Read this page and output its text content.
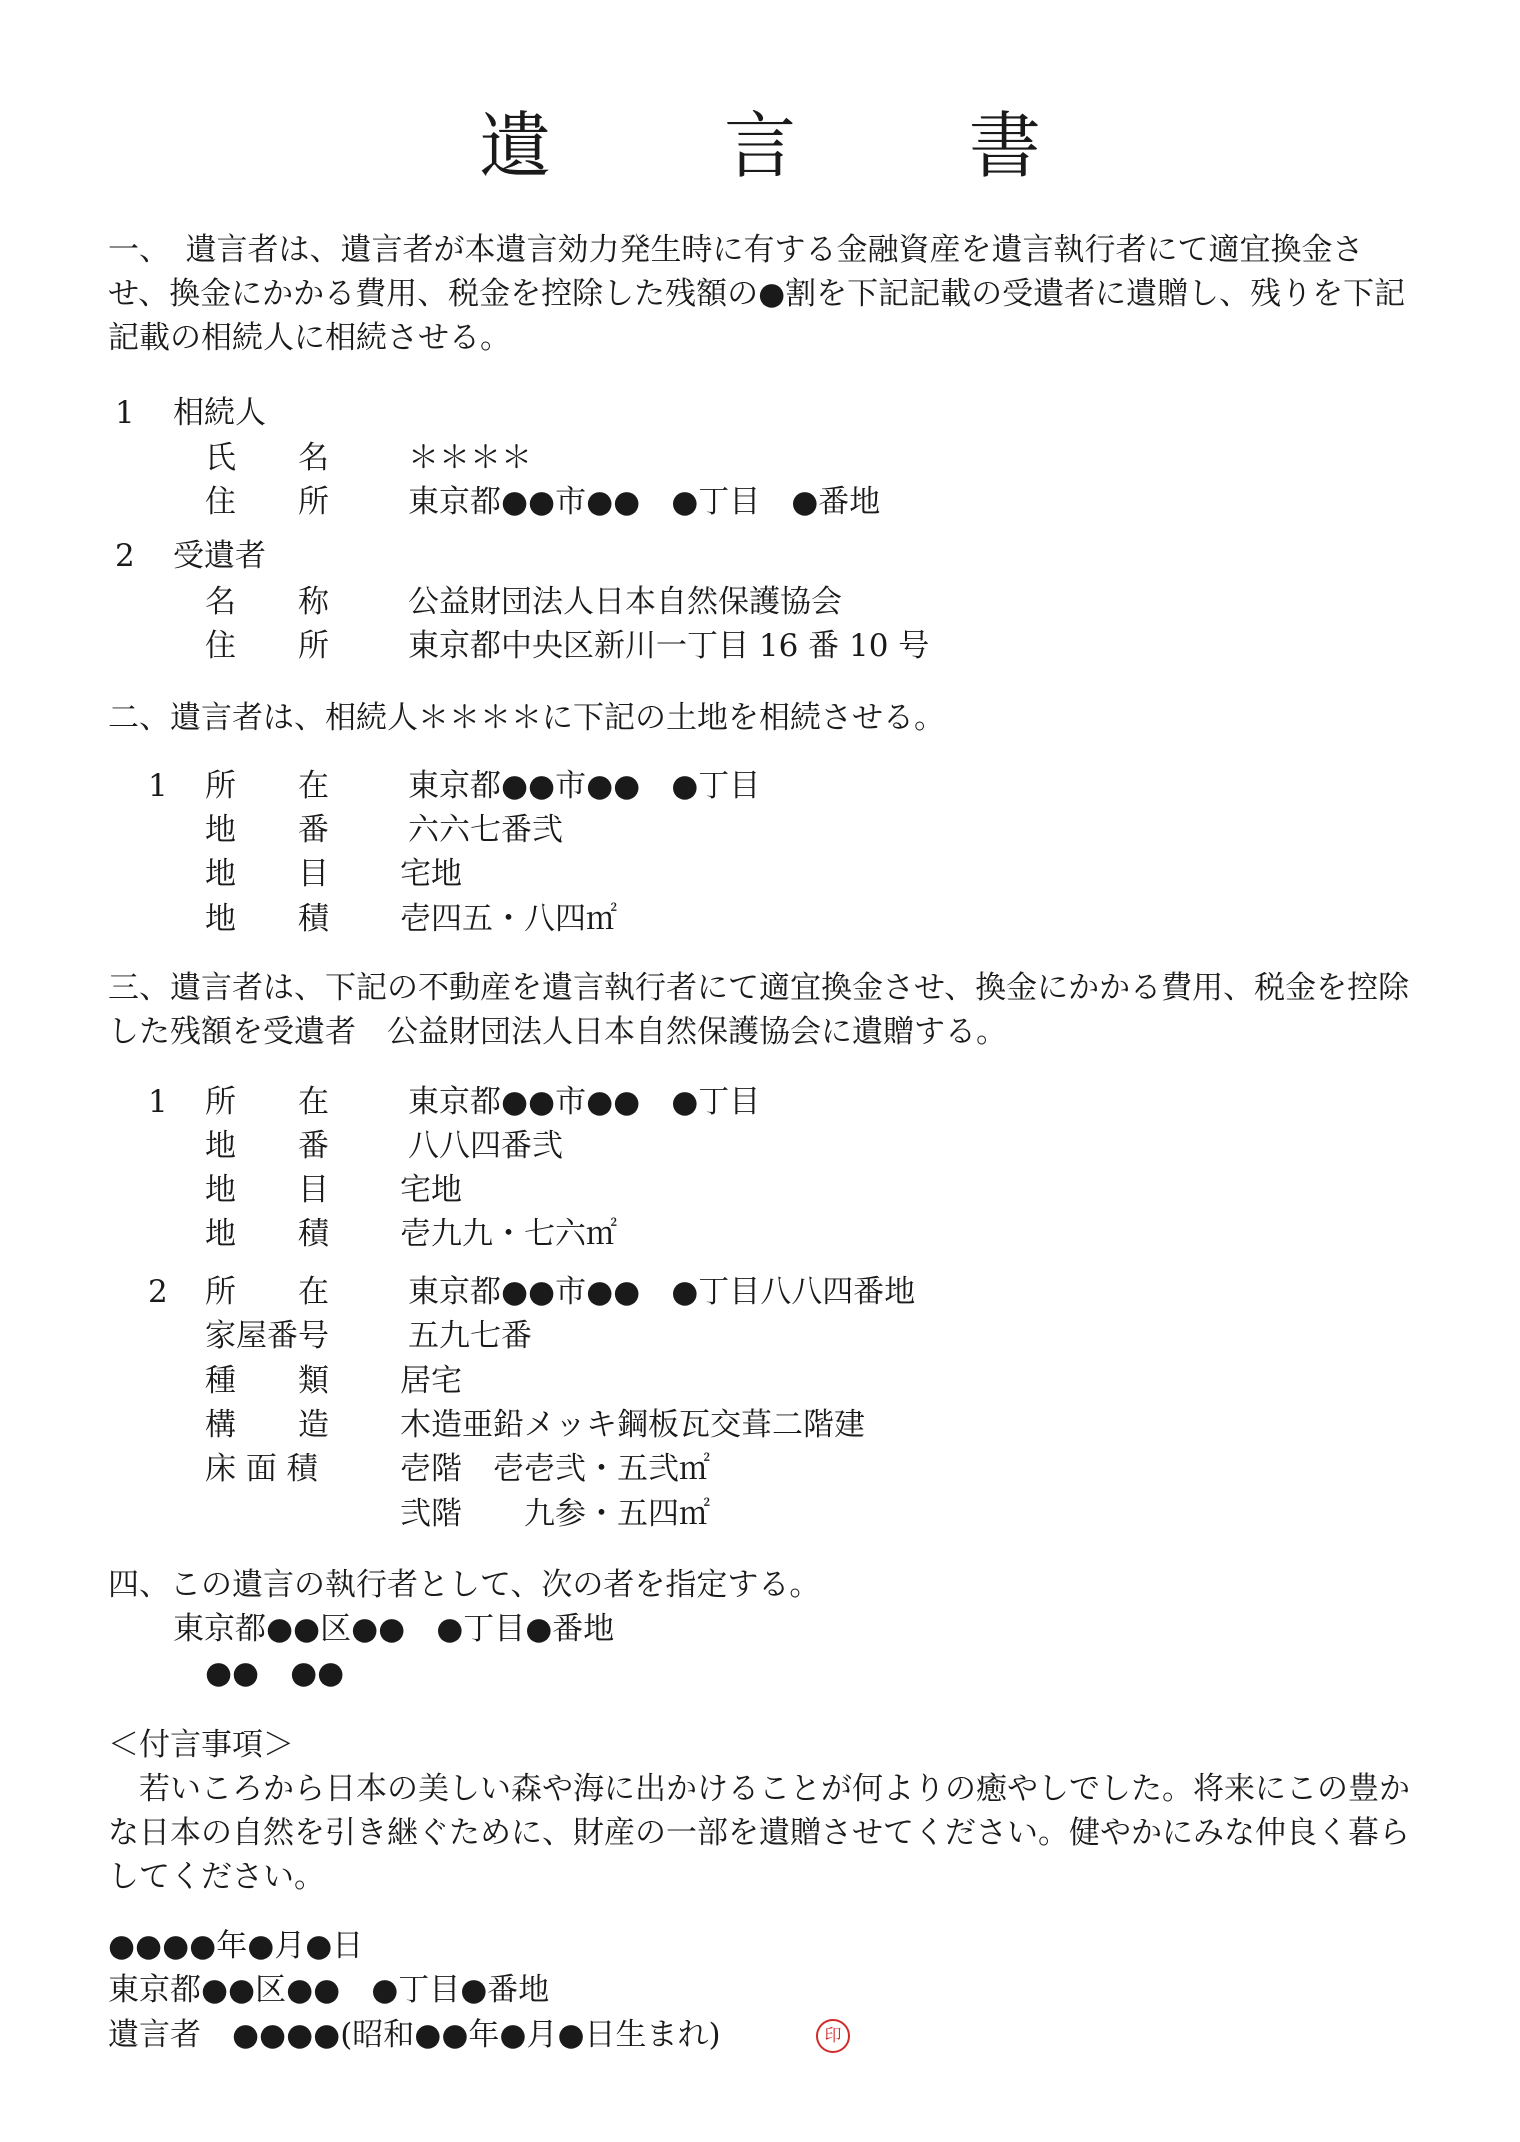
遺　言　書

一、　遺言者は、遺言者が本遺言効力発生時に有する金融資産を遺言執行者にて適宜換金させ、換金にかかる費用、税金を控除した残額の●割を下記記載の受遺者に遺贈し、残りを下記記載の相続人に相続させる。

1 相続人
氏　　名	＊＊＊＊
住　　所	東京都●●市●●　●丁目　●番地
2 受遺者
名　　称	公益財団法人日本自然保護協会
住　　所	東京都中央区新川一丁目 16 番 10 号
二、遺言者は、相続人＊＊＊＊に下記の土地を相続させる。
1 所　　在	東京都●●市●●　●丁目
地　　番	六六七番弐
地　　目 宅地
地　　積 壱四五・八四㎡

三、遺言者は、下記の不動産を遺言執行者にて適宜換金させ、換金にかかる費用、税金を控除した残額を受遺者　公益財団法人日本自然保護協会に遺贈する。

1 所　　在	東京都●●市●●　●丁目
地　　番	八八四番弐
地　　目 宅地
地　　積 壱九九・七六㎡
2 所　　在	東京都●●市●●　●丁目八八四番地
家屋番号	五九七番
種　　類 居宅
構　　造 木造亜鉛メッキ鋼板瓦交葺二階建
床 面 積	壱階　壱壱弐・五弐㎡
弐階　　九参・五四㎡
四、この遺言の執行者として、次の者を指定する。
東京都●●区●●　●丁目●番地
●●　●●
＜付言事項＞

　若いころから日本の美しい森や海に出かけることが何よりの癒やしでした。将来にこの豊かな日本の自然を引き継ぐために、財産の一部を遺贈させてください。健やかにみな仲良く暮らしてください。

●●●●年●月●日
東京都●●区●●　●丁目●番地
遺言者　●●●●(昭和●●年●月●日生まれ)	印
